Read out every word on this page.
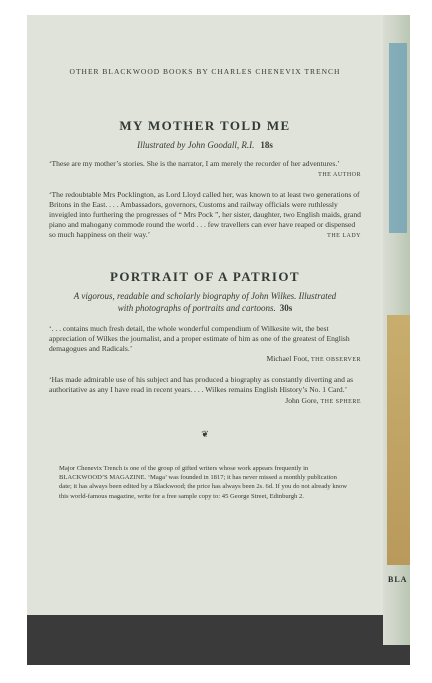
BLA
OTHER BLACKWOOD BOOKS BY CHARLES CHENEVIX TRENCH
MY MOTHER TOLD ME
Illustrated by John Goodall, R.I. 18s
‘These are my mother’s stories. She is the narrator, I am merely the recorder of her adventures.’
THE AUTHOR
‘The redoubtable Mrs Pocklington, as Lord Lloyd called her, was known to at least two generations of Britons in the East. . . . Ambassadors, governors, Customs and railway officials were ruthlessly inveigled into furthering the progresses of “ Mrs Pock ”, her sister, daughter, two English maids, grand piano and mahogany commode round the world . . . few travellers can ever have reaped or dispensed so much happiness on their way.’	THE LADY
PORTRAIT OF A PATRIOT
A vigorous, readable and scholarly biography of John Wilkes. Illustrated with photographs of portraits and cartoons. 30s
‘. . . contains much fresh detail, the whole wonderful compendium of Wilkesite wit, the best appreciation of Wilkes the journalist, and a proper estimate of him as one of the greatest of English demagogues and Radicals.’
Michael Foot, THE OBSERVER
‘Has made admirable use of his subject and has produced a biography as constantly diverting and as authoritative as any I have read in recent years. . . . Wilkes remains English History’s No. 1 Card.’
John Gore, THE SPHERE
❦
Major Chenevix Trench is one of the group of gifted writers whose work appears frequently in BLACKWOOD’S MAGAZINE. ‘Maga’ was founded in 1817; it has never missed a monthly publication date; it has always been edited by a Blackwood; the price has always been 2s. 6d. If you do not already know this world-famous magazine, write for a free sample copy to: 45 George Street, Edinburgh 2.
